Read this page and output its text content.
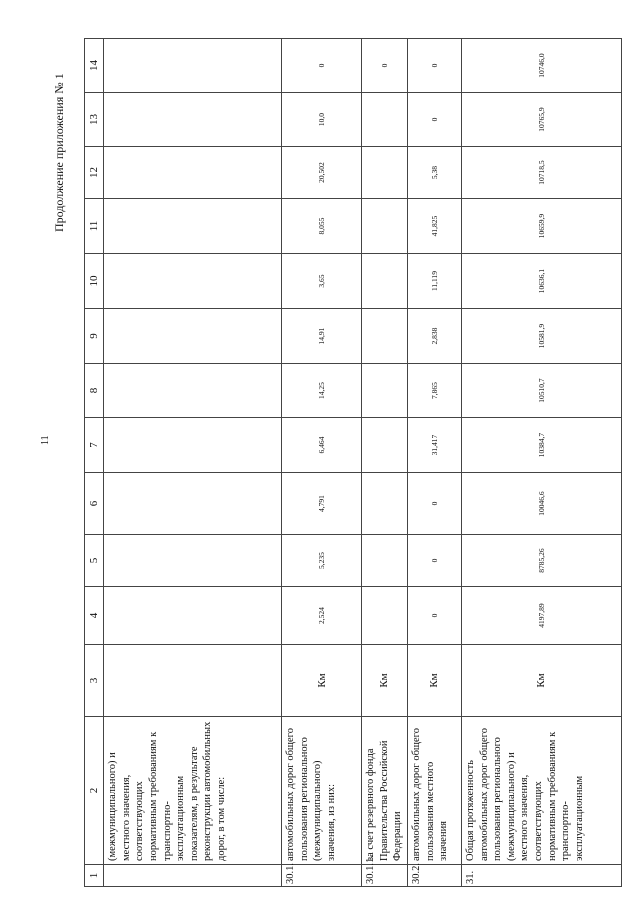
11
Продолжение приложения № 1
1	2	3	4	5	6	7	8	9	10	11	12	13	14
	(межмуниципального) и местного значения, соответствующих нормативным требованиям к транспортно-эксплуатационным показателям, в результате реконструкции автомобильных дорог, в том числе:												
30.1.	автомобильных дорог общего пользования регионального (межмуниципального) значения, из них:	Км	2,524	5,235	4,791	6,464	14,25	14,91	3,65	8,055	20,502	10,0	0
30.1.1.	за счет резервного фонда Правительства Российской Федерации	Км											0
30.2.	автомобильных дорог общего пользования местного значения	Км	0	0	0	31,417	7,865	2,838	11,119	41,825	5,38	0	0
31.	Общая протяженность автомобильных дорог общего пользования регионального (межмуниципального) и местного значения, соответствующих нормативным требованиям к транспортно-эксплуатационным	Км	4197,89	8785,26	10046,6	10384,7	10510,7	10581,9	10636,1	10659,9	10718,5	10765,9	10746,0
